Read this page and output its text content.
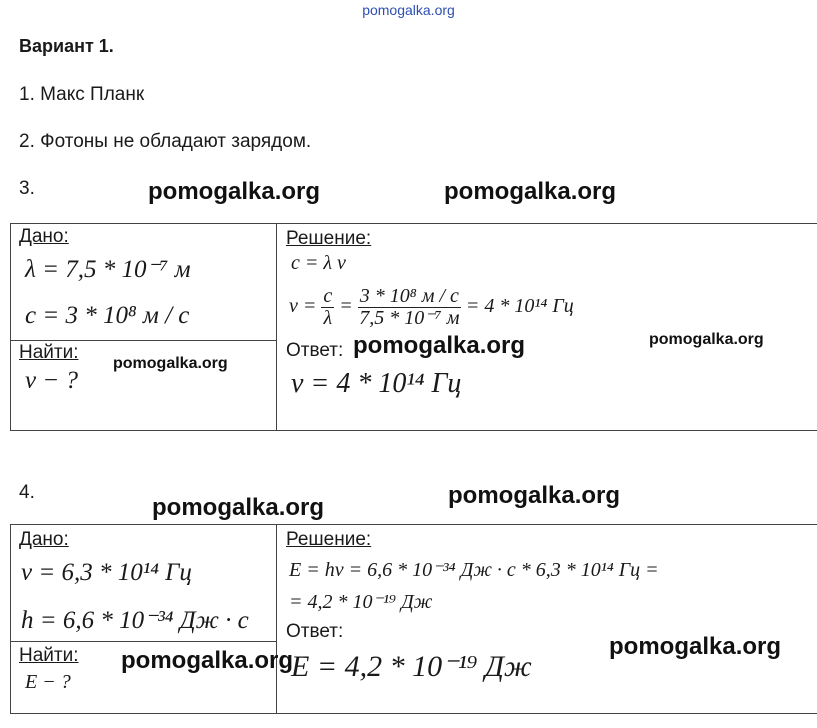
pomogalka.org
Вариант 1.
1. Макс Планк
2. Фотоны не обладают зарядом.
3.	pomogalka.org	pomogalka.org
Дано:
λ = 7,5 * 10⁻⁷ м
c = 3 * 10⁸ м / с
Найти:
ν − ?
pomogalka.org
Решение:
c = λ ν
$\nu = \frac{c}{\lambda} = \frac{\text{3 * 10⁸ м / с}}{\text{7,5 * 10⁻⁷ м}} = 4 * 10^{14}$ Гц
Ответ: pomogalka.org	pomogalka.org
ν = 4 * 10¹⁴ Гц
4.	pomogalka.org
pomogalka.org
Дано:
ν = 6,3 * 10¹⁴ Гц
h = 6,6 * 10⁻³⁴ Дж · с
Найти:
E − ?
pomogalka.org
Решение:
E = hν = 6,6 * 10⁻³⁴ Дж · с * 6,3 * 10¹⁴ Гц =
= 4,2 * 10⁻¹⁹ Дж
Ответ:
E = 4,2 * 10⁻¹⁹ Дж
pomogalka.org
